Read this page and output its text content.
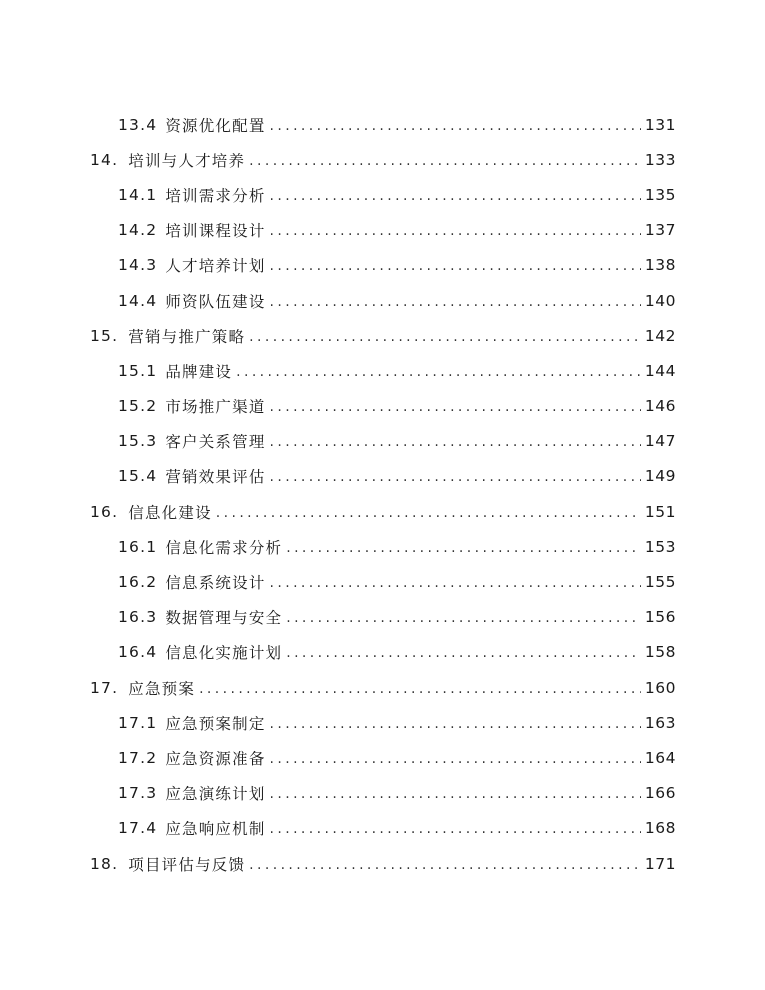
13.4 资源优化配置 .....	131
14. 培训与人才培养 .....	133
14.1 培训需求分析 .....	135
14.2 培训课程设计 .....	137
14.3 人才培养计划 .....	138
14.4 师资队伍建设 .....	140
15. 营销与推广策略 .....	142
15.1 品牌建设 .....	144
15.2 市场推广渠道 .....	146
15.3 客户关系管理 .....	147
15.4 营销效果评估 .....	149
16. 信息化建设 .....	151
16.1 信息化需求分析 .....	153
16.2 信息系统设计 .....	155
16.3 数据管理与安全 .....	156
16.4 信息化实施计划 .....	158
17. 应急预案 .....	160
17.1 应急预案制定 .....	163
17.2 应急资源准备 .....	164
17.3 应急演练计划 .....	166
17.4 应急响应机制 .....	168
18. 项目评估与反馈 .....	171
